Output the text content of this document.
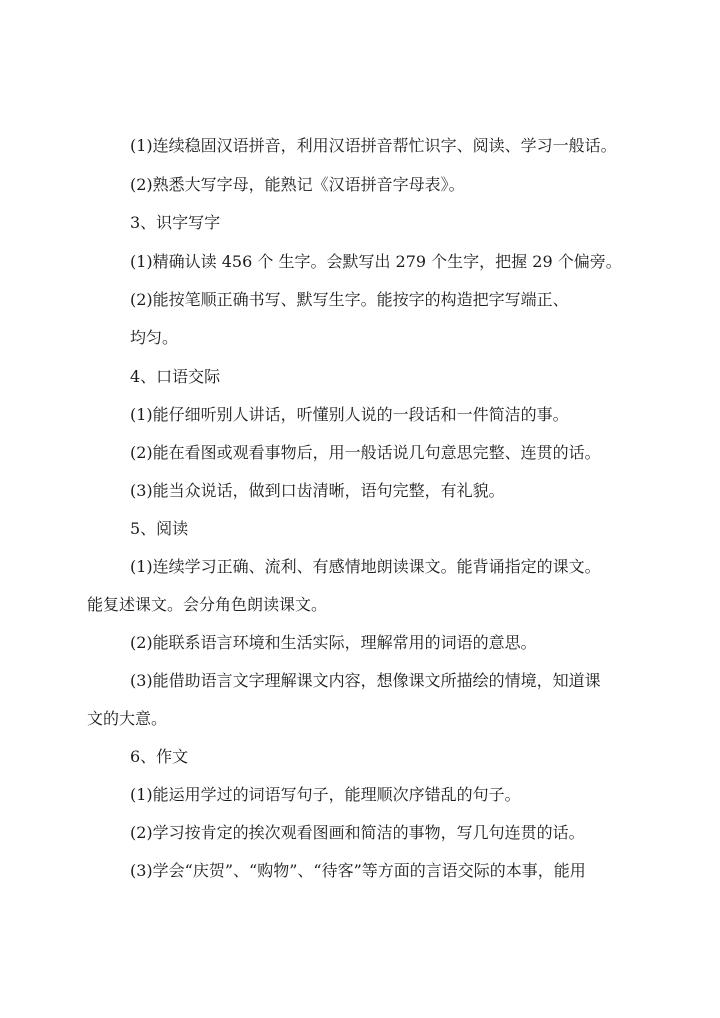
(1)连续稳固汉语拼音，利用汉语拼音帮忙识字、阅读、学习一般话。
(2)熟悉大写字母，能熟记《汉语拼音字母表》。
3、识字写字
(1)精确认读 456 个 生字。会默写出 279 个生字，把握 29 个偏旁。
(2)能按笔顺正确书写、默写生字。能按字的构造把字写端正、
均匀。
4、口语交际
(1)能仔细听别人讲话，听懂别人说的一段话和一件简洁的事。
(2)能在看图或观看事物后，用一般话说几句意思完整、连贯的话。
(3)能当众说话，做到口齿清晰，语句完整，有礼貌。
5、阅读
(1)连续学习正确、流利、有感情地朗读课文。能背诵指定的课文。
能复述课文。会分角色朗读课文。
(2)能联系语言环境和生活实际，理解常用的词语的意思。
(3)能借助语言文字理解课文内容，想像课文所描绘的情境，知道课
文的大意。
6、作文
(1)能运用学过的词语写句子，能理顺次序错乱的句子。
(2)学习按肯定的挨次观看图画和简洁的事物，写几句连贯的话。
(3)学会“庆贺”、“购物”、“待客”等方面的言语交际的本事，能用
